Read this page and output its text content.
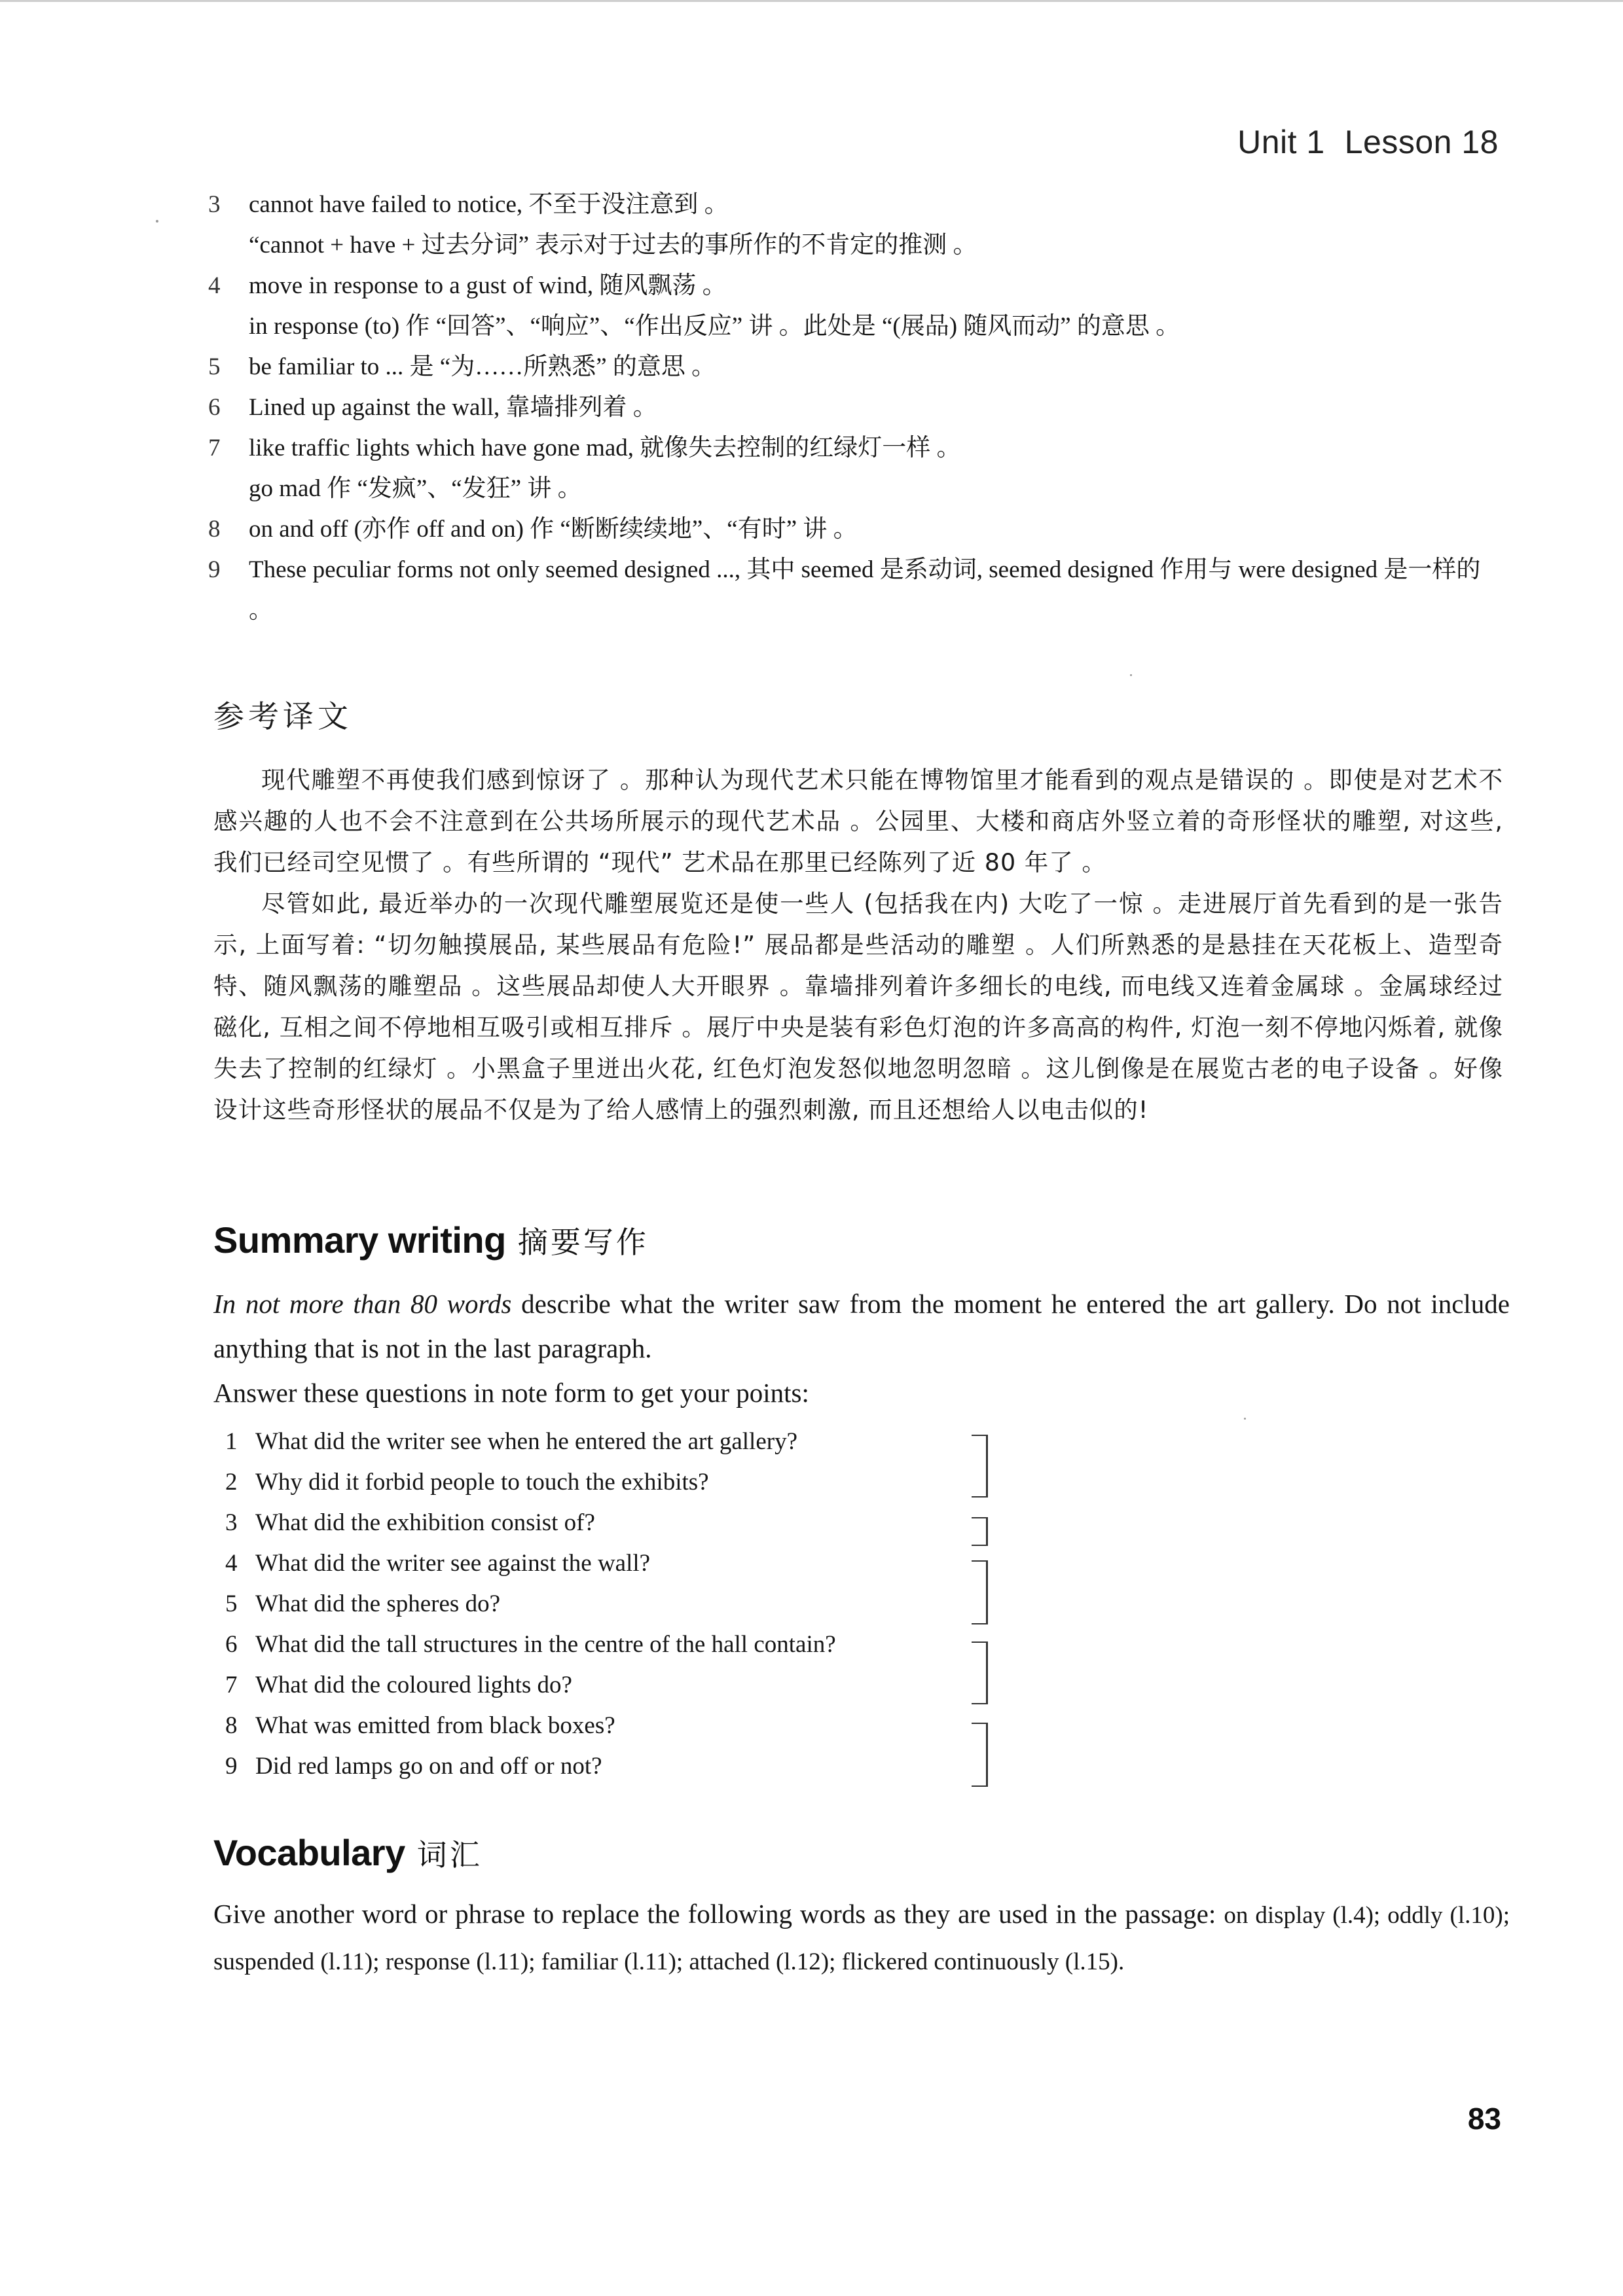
Unit 1 Lesson 18
3 cannot have failed to notice, 不至于没注意到 。
“cannot + have + 过去分词” 表示对于过去的事所作的不肯定的推测 。
4 move in response to a gust of wind, 随风飘荡 。
in response (to) 作 “回答”、“响应”、“作出反应” 讲 。此处是 “(展品) 随风而动” 的意思 。
5 be familiar to ... 是 “为……所熟悉” 的意思 。
6 Lined up against the wall, 靠墙排列着 。
7 like traffic lights which have gone mad, 就像失去控制的红绿灯一样 。
go mad 作 “发疯”、“发狂” 讲 。
8 on and off (亦作 off and on) 作 “断断续续地”、“有时” 讲 。
9 These peculiar forms not only seemed designed ..., 其中 seemed 是系动词, seemed designed 作用与 were designed 是一样的 。
参考译文

现代雕塑不再使我们感到惊讶了 。那种认为现代艺术只能在博物馆里才能看到的观点是错误的 。即使是对艺术不感兴趣的人也不会不注意到在公共场所展示的现代艺术品 。公园里、大楼和商店外竖立着的奇形怪状的雕塑, 对这些, 我们已经司空见惯了 。有些所谓的 “现代” 艺术品在那里已经陈列了近 80 年了 。

尽管如此, 最近举办的一次现代雕塑展览还是使一些人 (包括我在内) 大吃了一惊 。走进展厅首先看到的是一张告示, 上面写着: “切勿触摸展品, 某些展品有危险!” 展品都是些活动的雕塑 。人们所熟悉的是悬挂在天花板上、造型奇特、随风飘荡的雕塑品 。这些展品却使人大开眼界 。靠墙排列着许多细长的电线, 而电线又连着金属球 。金属球经过磁化, 互相之间不停地相互吸引或相互排斥 。展厅中央是装有彩色灯泡的许多高高的构件, 灯泡一刻不停地闪烁着, 就像失去了控制的红绿灯 。小黑盒子里迸出火花, 红色灯泡发怒似地忽明忽暗 。这儿倒像是在展览古老的电子设备 。好像设计这些奇形怪状的展品不仅是为了给人感情上的强烈刺激, 而且还想给人以电击似的!

Summary writing 摘要写作
In not more than 80 words describe what the writer saw from the moment he entered the art gallery. Do not include anything that is not in the last paragraph.
Answer these questions in note form to get your points:
1 What did the writer see when he entered the art gallery?
2 Why did it forbid people to touch the exhibits?
3 What did the exhibition consist of?
4 What did the writer see against the wall?
5 What did the spheres do?
6 What did the tall structures in the centre of the hall contain?
7 What did the coloured lights do?
8 What was emitted from black boxes?
9 Did red lamps go on and off or not?
Vocabulary 词汇
Give another word or phrase to replace the following words as they are used in the passage: on display (l.4); oddly (l.10); suspended (l.11); response (l.11); familiar (l.11); attached (l.12); flickered continuously (l.15).
83
